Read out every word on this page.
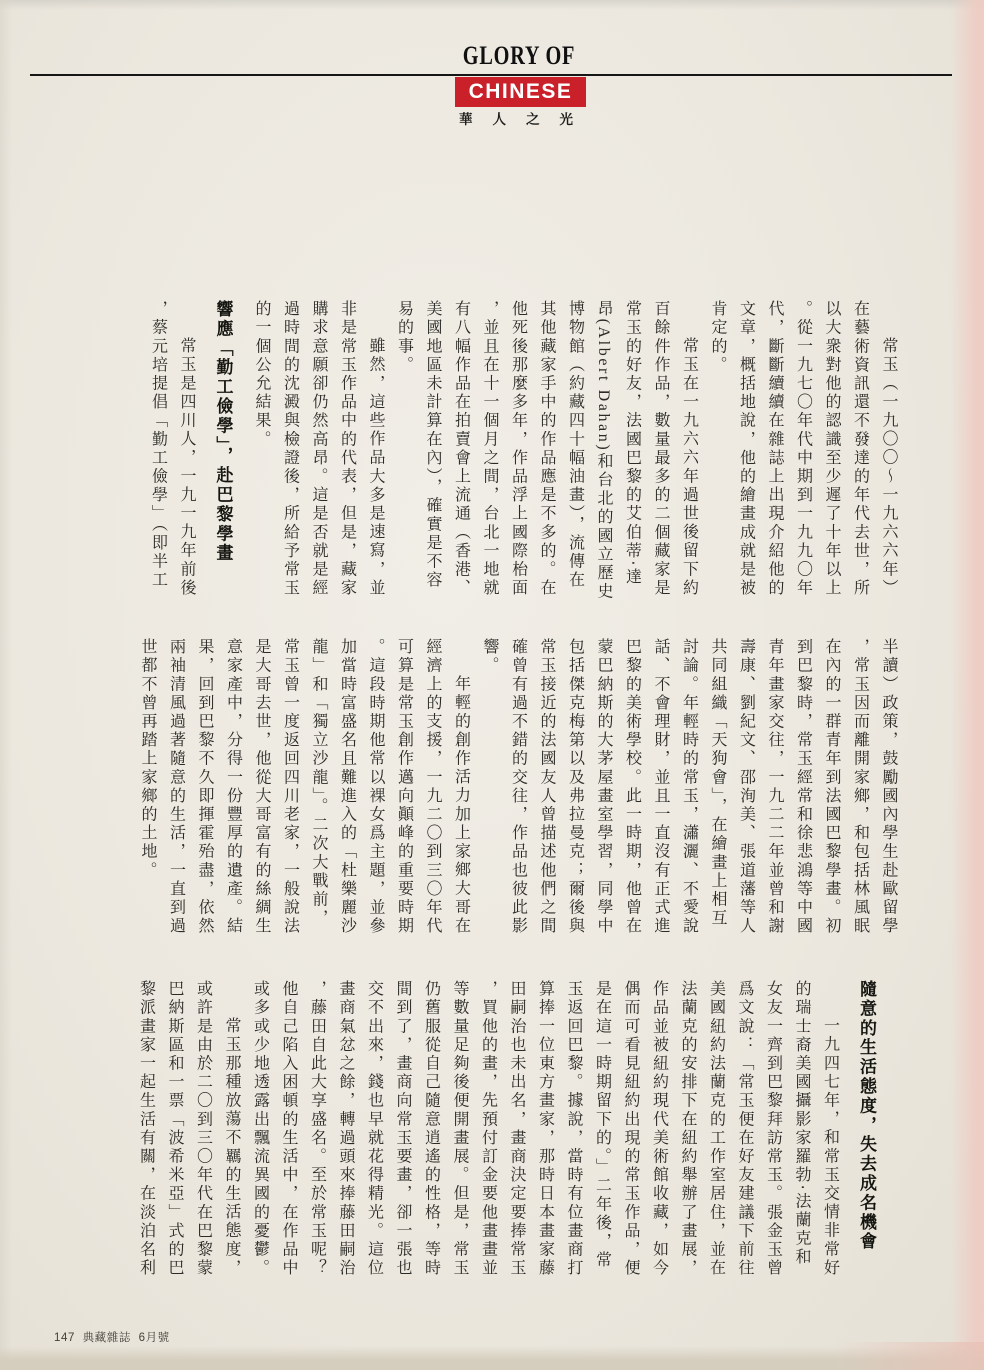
GLORY OF
CHINESE
華人之光
常玉（一九〇〇～一九六六年）
在藝術資訊還不發達的年代去世，所
以大衆對他的認識至少遲了十年以上
。從一九七〇年代中期到一九九〇年
代，斷斷續續在雜誌上出現介紹他的
文章，概括地說，他的繪畫成就是被
肯定的。
常玉在一九六六年過世後留下約
百餘件作品，數量最多的二個藏家是
常玉的好友，法國巴黎的艾伯蒂‧達
昂(Albert Dahan)和台北的國立歷史
博物館（約藏四十幅油畫），流傳在
其他藏家手中的作品應是不多的。在
他死後那麼多年，作品浮上國際枱面
，並且在十一個月之間，台北一地就
有八幅作品在拍賣會上流通（香港、
美國地區未計算在內），確實是不容
易的事。
雖然，這些作品大多是速寫，並
非是常玉作品中的代表，但是，藏家
購求意願卻仍然高昂。這是否就是經
過時間的沈澱與檢證後，所給予常玉
的一個公允結果。
響應「勤工儉學」，赴巴黎學畫
常玉是四川人，一九一九年前後
，蔡元培提倡「勤工儉學」（即半工
半讀）政策，鼓勵國內學生赴歐留學
，常玉因而離開家鄉，和包括林風眠
在內的一群青年到法國巴黎學畫。初
到巴黎時，常玉經常和徐悲鴻等中國
青年畫家交往，一九二二年並曾和謝
壽康、劉紀文、邵洵美、張道藩等人
共同組織「天狗會」，在繪畫上相互
討論。年輕時的常玉，瀟灑、不愛說
話、不會理財，並且一直沒有正式進
巴黎的美術學校。此一時期，他曾在
蒙巴納斯的大茅屋畫室學習，同學中
包括傑克梅第以及弗拉曼克；爾後與
常玉接近的法國友人曾描述他們之間
確曾有過不錯的交往，作品也彼此影
響。
年輕的創作活力加上家鄉大哥在
經濟上的支援，一九二〇到三〇年代
可算是常玉創作邁向顚峰的重要時期
。這段時期他常以裸女爲主題，並參
加當時富盛名且難進入的「杜樂麗沙
龍」和「獨立沙龍」。二次大戰前，
常玉曾一度返回四川老家，一般說法
是大哥去世，他從大哥富有的絲綢生
意家產中，分得一份豐厚的遺產。結
果，回到巴黎不久即揮霍殆盡，依然
兩袖清風過著隨意的生活，一直到過
世都不曾再踏上家鄉的土地。
隨意的生活態度，失去成名機會
一九四七年，和常玉交情非常好
的瑞士裔美國攝影家羅勃‧法蘭克和
女友一齊到巴黎拜訪常玉。張金玉曾
爲文說：「常玉便在好友建議下前往
美國紐約法蘭克的工作室居住，並在
法蘭克的安排下在紐約舉辦了畫展，
作品並被紐約現代美術館收藏，如今
偶而可看見紐約出現的常玉作品，便
是在這一時期留下的。」二年後，常
玉返回巴黎。據說，當時有位畫商打
算捧一位東方畫家，那時日本畫家藤
田嗣治也未出名，畫商決定要捧常玉
，買他的畫，先預付訂金要他畫畫並
等數量足夠後便開畫展。但是，常玉
仍舊服從自己隨意逍遙的性格，等時
間到了，畫商向常玉要畫，卻一張也
交不出來，錢也早就花得精光。這位
畫商氣忿之餘，轉過頭來捧藤田嗣治
，藤田自此大享盛名。至於常玉呢？
他自己陷入困頓的生活中，在作品中
或多或少地透露出飄流異國的憂鬱。
常玉那種放蕩不羈的生活態度，
或許是由於二〇到三〇年代在巴黎蒙
巴納斯區和一票「波希米亞」式的巴
黎派畫家一起生活有關，在淡泊名利
147  典藏雜誌  6月號
